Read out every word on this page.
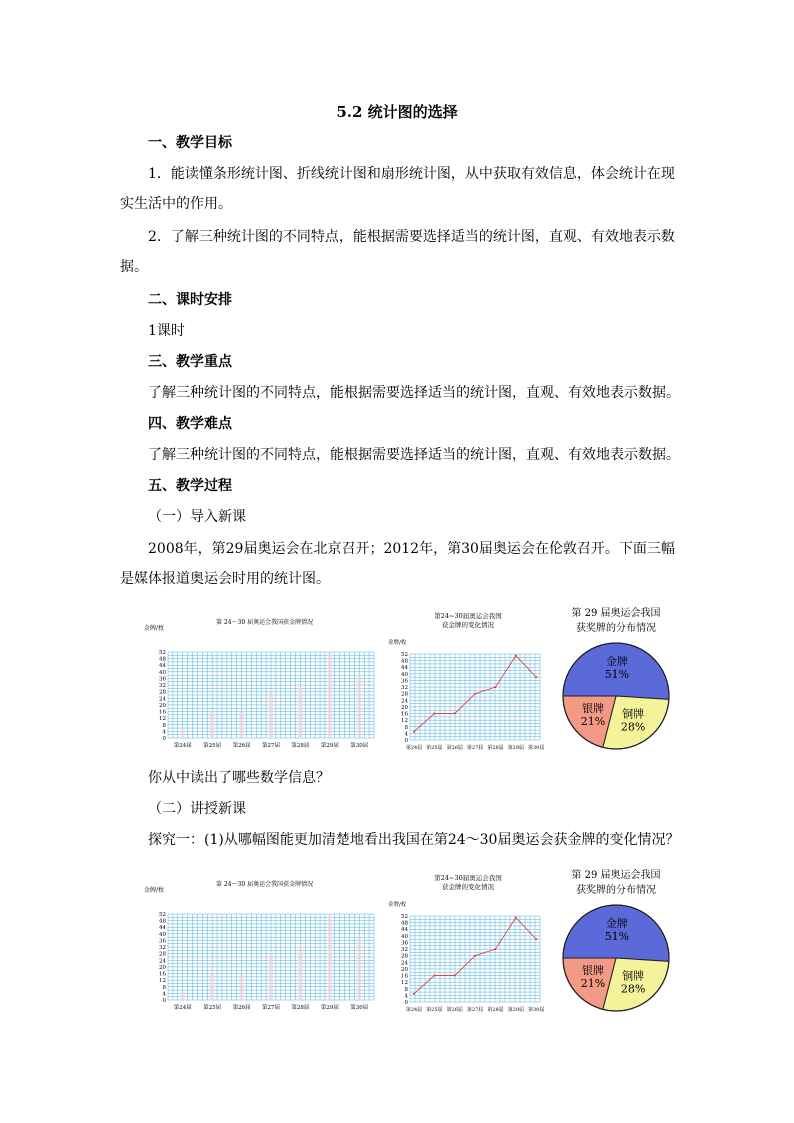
5.2 统计图的选择
一、教学目标
1．能读懂条形统计图、折线统计图和扇形统计图，从中获取有效信息，体会统计在现实生活中的作用。
2．了解三种统计图的不同特点，能根据需要选择适当的统计图，直观、有效地表示数据。
二、课时安排
1课时
三、教学重点
了解三种统计图的不同特点，能根据需要选择适当的统计图，直观、有效地表示数据。
四、教学难点
了解三种统计图的不同特点，能根据需要选择适当的统计图，直观、有效地表示数据。
五、教学过程
（一）导入新课
2008年，第29届奥运会在北京召开；2012年，第30届奥运会在伦敦召开。下面三幅是媒体报道奥运会时用的统计图。
第 24～30 届奥运会我国获金牌情况
金牌/枚
0
4
8
12
16
20
24
28
32
36
40
44
48
52
第24届 第25届 第26届 第27届 第28届 第29届 第30届
第24~30届奥运会我国
获金牌的变化情况
金牌/枚
0
4
8
12
16
20
24
28
32
36
40
44
48
52
第24届 第25届 第26届 第27届 第28届 第29届 第30届
第 29 届奥运会我国
获奖牌的分布情况
金牌
51%
铜牌
28%
银牌
21%
你从中读出了哪些数学信息？
（二）讲授新课
探究一：(1)从哪幅图能更加清楚地看出我国在第24～30届奥运会获金牌的变化情况？
第 24～30 届奥运会我国获金牌情况
金牌/枚
0
4
8
12
16
20
24
28
32
36
40
44
48
52
第24届 第25届 第26届 第27届 第28届 第29届 第30届
第24~30届奥运会我国
获金牌的变化情况
金牌/枚
0
4
8
12
16
20
24
28
32
36
40
44
48
52
第24届 第25届 第26届 第27届 第28届 第29届 第30届
第 29 届奥运会我国
获奖牌的分布情况
金牌
51%
铜牌
28%
银牌
21%
